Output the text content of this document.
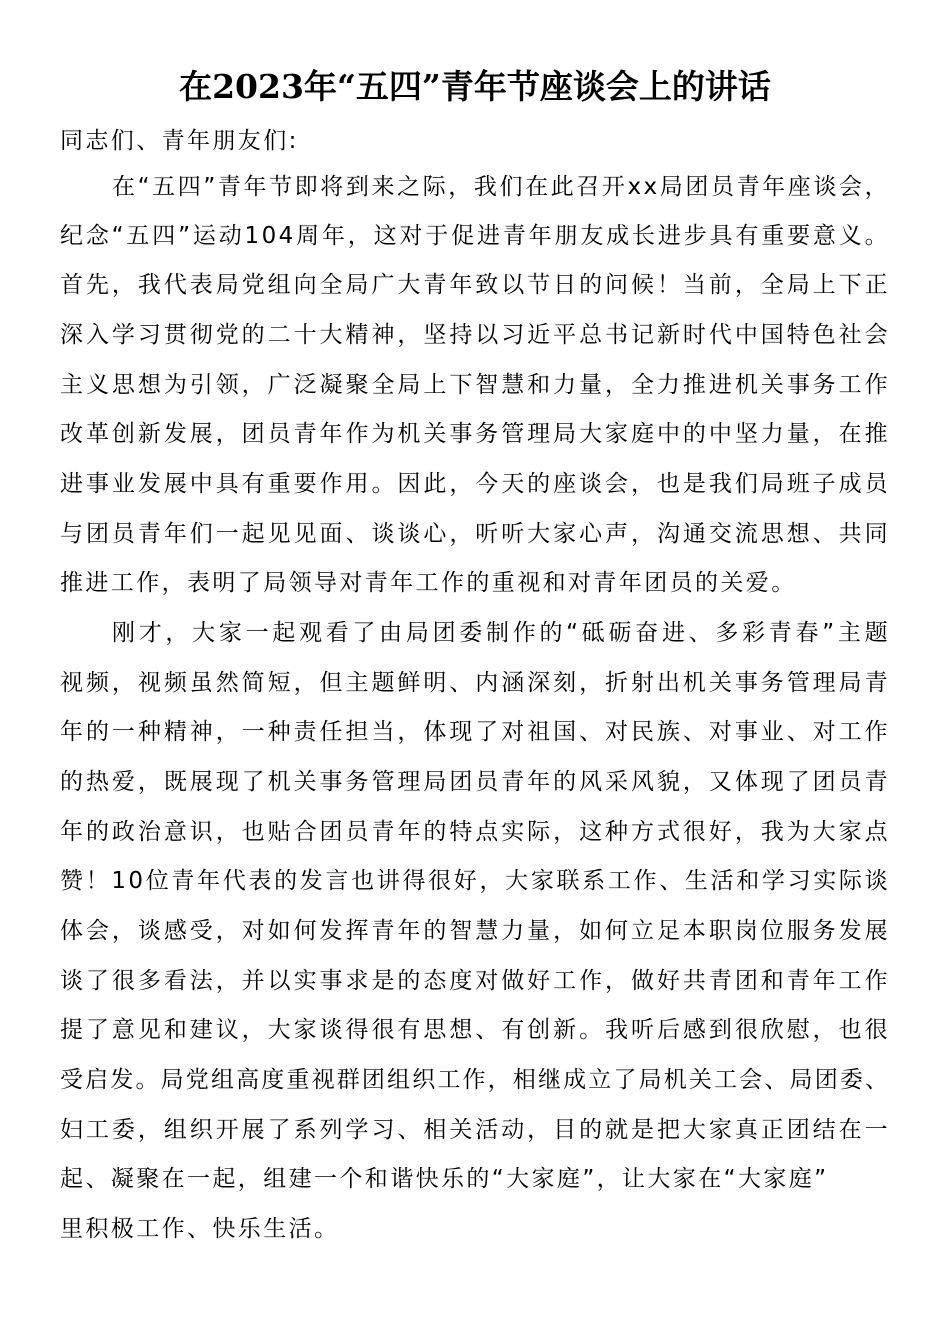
在2023年“五四”青年节座谈会上的讲话

同志们、青年朋友们:

在“五四”青年节即将到来之际，我们在此召开xx局团员青年座谈会，

纪念“五四”运动104周年，这对于促进青年朋友成长进步具有重要意义。

首先，我代表局党组向全局广大青年致以节日的问候！当前，全局上下正

深入学习贯彻党的二十大精神，坚持以习近平总书记新时代中国特色社会

主义思想为引领，广泛凝聚全局上下智慧和力量，全力推进机关事务工作

改革创新发展，团员青年作为机关事务管理局大家庭中的中坚力量，在推

进事业发展中具有重要作用。因此，今天的座谈会，也是我们局班子成员

与团员青年们一起见见面、谈谈心，听听大家心声，沟通交流思想、共同

推进工作，表明了局领导对青年工作的重视和对青年团员的关爱。

刚才，大家一起观看了由局团委制作的“砥砺奋进、多彩青春”主题

视频，视频虽然简短，但主题鲜明、内涵深刻，折射出机关事务管理局青

年的一种精神，一种责任担当，体现了对祖国、对民族、对事业、对工作

的热爱，既展现了机关事务管理局团员青年的风采风貌，又体现了团员青

年的政治意识，也贴合团员青年的特点实际，这种方式很好，我为大家点

赞！10位青年代表的发言也讲得很好，大家联系工作、生活和学习实际谈

体会，谈感受，对如何发挥青年的智慧力量，如何立足本职岗位服务发展

谈了很多看法，并以实事求是的态度对做好工作，做好共青团和青年工作

提了意见和建议，大家谈得很有思想、有创新。我听后感到很欣慰，也很

受启发。局党组高度重视群团组织工作，相继成立了局机关工会、局团委、

妇工委，组织开展了系列学习、相关活动，目的就是把大家真正团结在一

起、凝聚在一起，组建一个和谐快乐的“大家庭”，让大家在“大家庭”

里积极工作、快乐生活。
